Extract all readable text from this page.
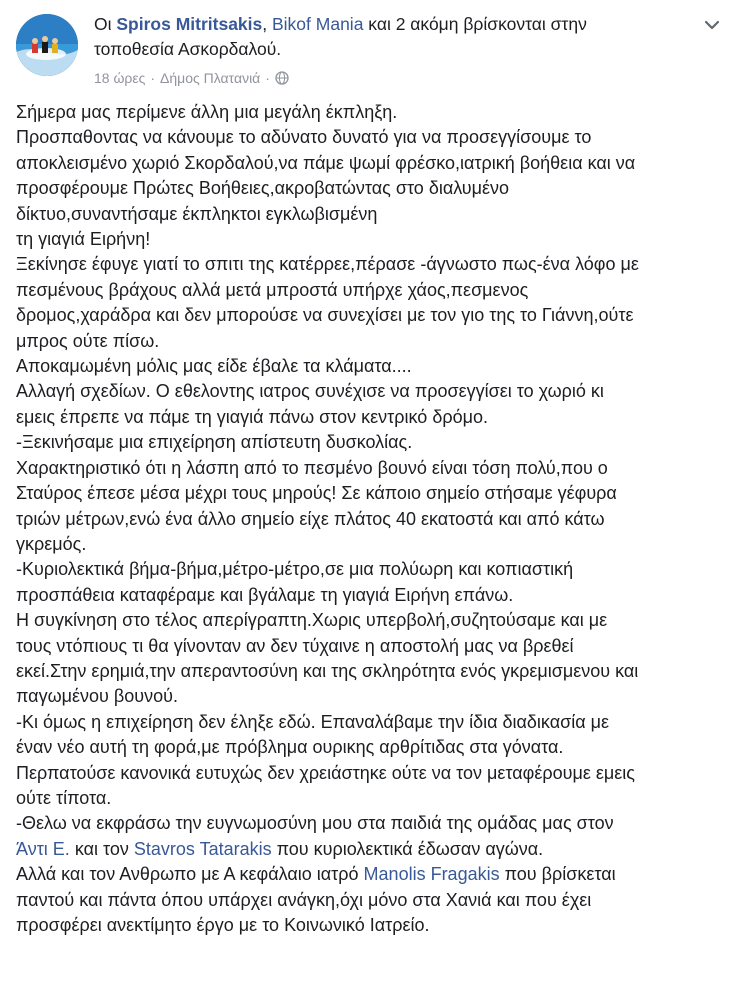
Οι Spiros Mitritsakis, Bikof Mania και 2 ακόμη βρίσκονται στην
τοποθεσία Ασκορδαλού.
18 ώρες · Δήμος Πλατανιά ·
Σήμερα μας περίμενε άλλη μια μεγάλη έκπληξη.
Προσπαθοντας να κάνουμε το αδύνατο δυνατό για να προσεγγίσουμε το
αποκλεισμένο χωριό Σκορδαλού,να πάμε ψωμί φρέσκο,ιατρική βοήθεια και να
προσφέρουμε Πρώτες Βοήθειες,ακροβατώντας στο διαλυμένο
δίκτυο,συναντήσαμε έκπληκτοι εγκλωβισμένη
τη γιαγιά Ειρήνη!
Ξεκίνησε έφυγε γιατί το σπιτι της κατέρρεε,πέρασε -άγνωστο πως-ένα λόφο με
πεσμένους βράχους αλλά μετά μπροστά υπήρχε χάος,πεσμενος
δρομος,χαράδρα και δεν μπορούσε να συνεχίσει με τον γιο της το Γιάννη,ούτε
μπρος ούτε πίσω.
Αποκαμωμένη μόλις μας είδε έβαλε τα κλάματα....
Αλλαγή σχεδίων. Ο εθελοντης ιατρος συνέχισε να προσεγγίσει το χωριό κι
εμεις έπρεπε να πάμε τη γιαγιά πάνω στον κεντρικό δρόμο.
-Ξεκινήσαμε μια επιχείρηση απίστευτη δυσκολίας.
Χαρακτηριστικό ότι η λάσπη από το πεσμένο βουνό είναι τόση πολύ,που ο
Σταύρος έπεσε μέσα μέχρι τους μηρούς! Σε κάποιο σημείο στήσαμε γέφυρα
τριών μέτρων,ενώ ένα άλλο σημείο είχε πλάτος 40 εκατοστά και από κάτω
γκρεμός.
-Κυριολεκτικά βήμα-βήμα,μέτρο-μέτρο,σε μια πολύωρη και κοπιαστική
προσπάθεια καταφέραμε και βγάλαμε τη γιαγιά Ειρήνη επάνω.
Η συγκίνηση στο τέλος απερίγραπτη.Χωρις υπερβολή,συζητούσαμε και με
τους ντόπιους τι θα γίνονταν αν δεν τύχαινε η αποστολή μας να βρεθεί
εκεί.Στην ερημιά,την απεραντοσύνη και της σκληρότητα ενός γκρεμισμενου και
παγωμένου βουνού.
-Κι όμως η επιχείρηση δεν έληξε εδώ. Επαναλάβαμε την ίδια διαδικασία με
έναν νέο αυτή τη φορά,με πρόβλημα ουρικης αρθρίτιδας στα γόνατα.
Περπατούσε κανονικά ευτυχώς δεν χρειάστηκε ούτε να τον μεταφέρουμε εμεις
ούτε τίποτα.
-Θελω να εκφράσω την ευγνωμοσύνη μου στα παιδιά της ομάδας μας στον
Άντι Ε. και τον Stavros Tatarakis που κυριολεκτικά έδωσαν αγώνα.
Αλλά και τον Ανθρωπο με Α κεφάλαιο ιατρό Manolis Fragakis που βρίσκεται
παντού και πάντα όπου υπάρχει ανάγκη,όχι μόνο στα Χανιά και που έχει
προσφέρει ανεκτίμητο έργο με το Κοινωνικό Ιατρείο.
